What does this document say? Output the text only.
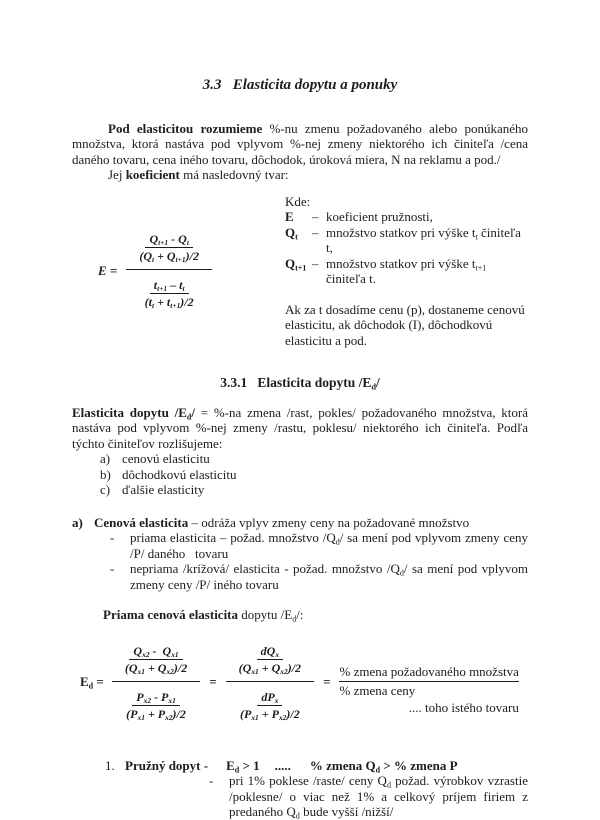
3.3   Elasticita dopytu a ponuky

Pod elasticitou rozumieme %-nu zmenu požadovaného alebo ponúkaného množstva, ktorá nastáva pod vplyvom %-nej zmeny niektorého ich činiteľa /cena daného tovaru, cena iného tovaru, dôchodok, úroková miera, N na reklamu a pod./

Jej koeficient má nasledovný tvar:

$E = Q_{t+1} - Q_t$
$(Q_t + Q_{t+1})/2$
$t_{t+1} - t_t$
$(t_t + t_{t+1})/2$
Kde:
E	– koeficient pružnosti,
$Q_t$	– množstvo statkov pri výške $t_t$ činiteľa t,
$Q_{t+1}$ – množstvo statkov pri výške $t_{t+1}$ činiteľa t.

Ak za t dosadíme cenu (p), dostaneme cenovú elasticitu, ak dôchodok (I), dôchodkovú elasticitu a pod.

3.3.1   Elasticita dopytu $/E_d/$

Elasticita dopytu $/E_d/ = \%-na$ zmena /rast, pokles/ požadovaného množstva, ktorá nastáva pod vplyvom %-nej zmeny /rastu, poklesu/ niektorého ich činiteľa. Podľa týchto činiteľov rozlišujeme:

a) cenovú elasticitu
b) dôchodkovú elasticitu
c) ďalšie elasticity
a) Cenová elasticita – odráža vplyv zmeny ceny na požadované množstvo
-	priama elasticita – požad. množstvo $/Q_d/$ sa mení pod vplyvom zmeny ceny /P/ daného   tovaru
-	nepriama /krížová/ elasticita - požad. množstvo $/Q_d/$ sa mení pod vplyvom zmeny ceny /P/ iného tovaru
Priama cenová elasticita dopytu $/E_d/$:
$E_d = Q_{x2} - Q_{x1}$
$(Q_{x1} + Q_{x2})/2$
$P_{x2} - P_{x1}$
$(P_{x1} + P_{x2})/2$ =
$dQ_x$
$(Q_{x1} + Q_{x2})/2$
$dP_x$
$(P_{x1} + P_{x2})/2$
=
% zmena požadovaného množstva
% zmena ceny
.... toho istého tovaru
1. Pružný dopyt - $E_d > 1$ ..... % zmena $Q_d$ > % zmena P
-	pri 1% poklese /raste/ ceny $Q_d$ požad. výrobkov vzrastie /poklesne/ o viac než 1% a celkový príjem firiem z predaného $Q_d$ bude vyšší /nižší/
